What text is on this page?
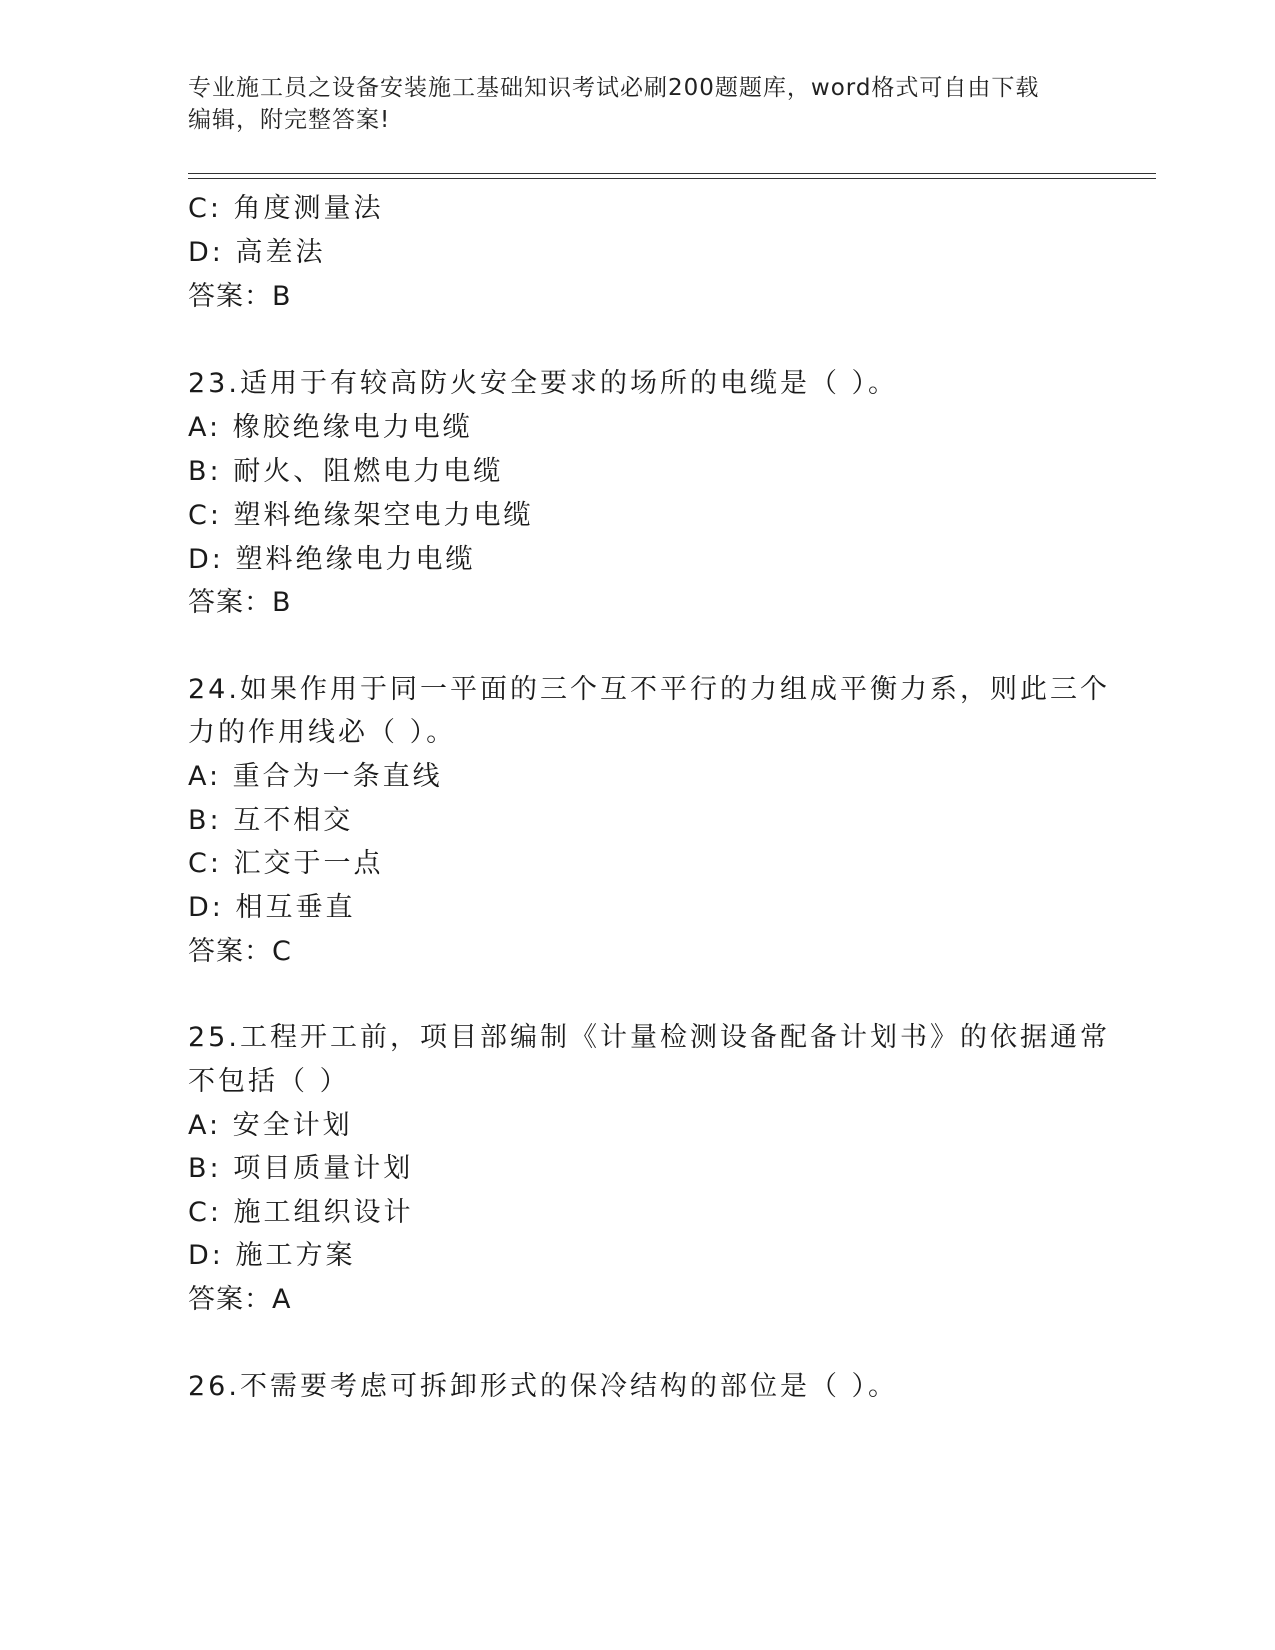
专业施工员之设备安装施工基础知识考试必刷200题题库，word格式可自由下载
编辑，附完整答案!
C: 角度测量法
D: 高差法
答案：B
23.适用于有较高防火安全要求的场所的电缆是（ ）。
A: 橡胶绝缘电力电缆
B: 耐火、阻燃电力电缆
C: 塑料绝缘架空电力电缆
D: 塑料绝缘电力电缆
答案：B
24.如果作用于同一平面的三个互不平行的力组成平衡力系，则此三个
力的作用线必（ ）。
A: 重合为一条直线
B: 互不相交
C: 汇交于一点
D: 相互垂直
答案：C
25.工程开工前，项目部编制《计量检测设备配备计划书》的依据通常
不包括（ ）
A: 安全计划
B: 项目质量计划
C: 施工组织设计
D: 施工方案
答案：A
26.不需要考虑可拆卸形式的保冷结构的部位是（ ）。
